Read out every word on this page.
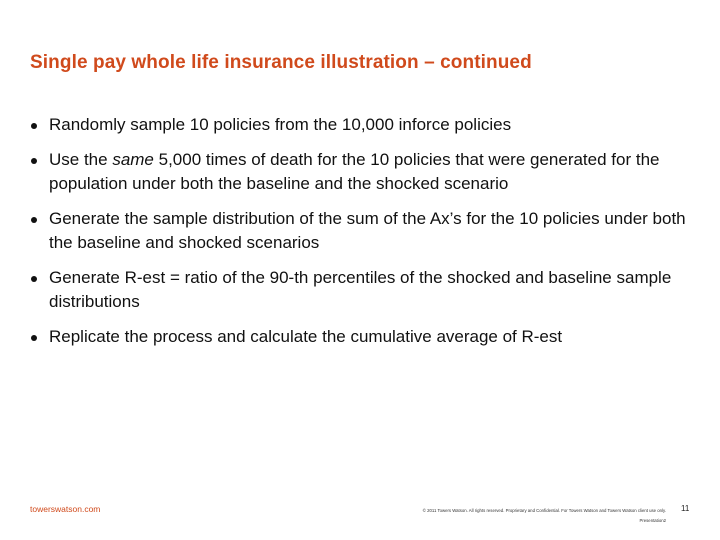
Single pay whole life insurance illustration – continued
Randomly sample 10 policies from the 10,000 inforce policies
Use the same 5,000 times of death for the 10 policies that were generated for the population under both the baseline and the shocked scenario
Generate the sample distribution of the sum of the Ax’s for the 10 policies under both the baseline and shocked scenarios
Generate R-est = ratio of the 90-th percentiles of the shocked and baseline sample distributions
Replicate the process and calculate the cumulative average of R-est
towerswatson.com	© 2011 Towers Watson. All rights reserved. Proprietary and Confidential. For Towers Watson and Towers Watson client use only.
Presentation2
11
